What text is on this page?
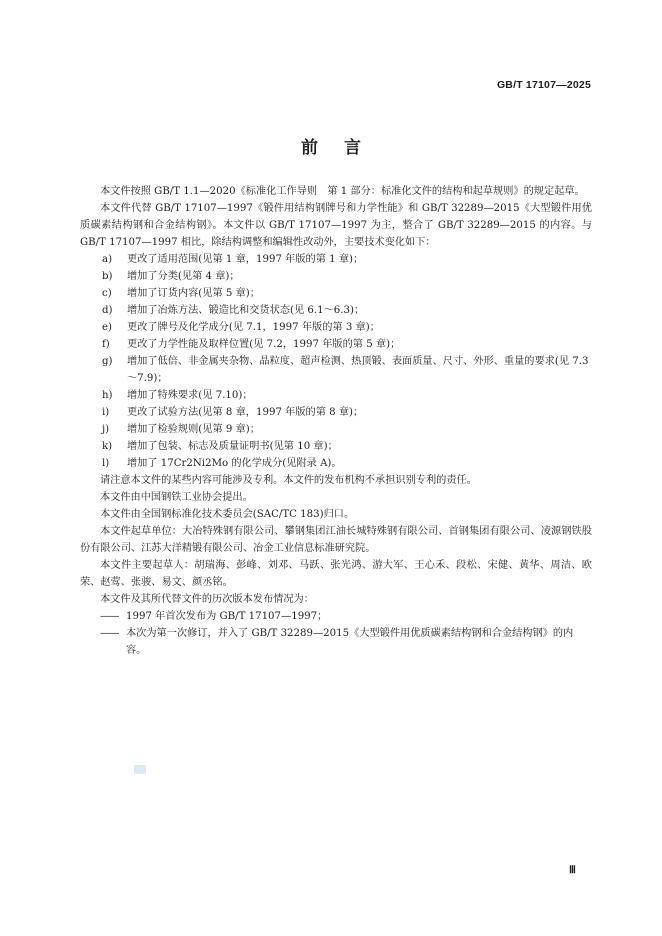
GB/T 17107—2025
前言

本文件按照 GB/T 1.1—2020《标准化工作导则　第 1 部分：标准化文件的结构和起草规则》的规定起草。

本文件代替 GB/T 17107—1997《锻件用结构钢牌号和力学性能》和 GB/T 32289—2015《大型锻件用优质碳素结构钢和合金结构钢》。本文件以 GB/T 17107—1997 为主，整合了 GB/T 32289—2015 的内容。与 GB/T 17107—1997 相比，除结构调整和编辑性改动外，主要技术变化如下：

a) 更改了适用范围(见第 1 章，1997 年版的第 1 章)；

b) 增加了分类(见第 4 章)；

c) 增加了订货内容(见第 5 章)；

d) 增加了冶炼方法、锻造比和交货状态(见 6.1～6.3)；

e) 更改了牌号及化学成分(见 7.1，1997 年版的第 3 章)；

f) 更改了力学性能及取样位置(见 7.2，1997 年版的第 5 章)；

g) 增加了低倍、非金属夹杂物、晶粒度、超声检测、热顶锻、表面质量、尺寸、外形、重量的要求(见 7.3～7.9)；

h) 增加了特殊要求(见 7.10)；

i) 更改了试验方法(见第 8 章，1997 年版的第 8 章)；

j) 增加了检验规则(见第 9 章)；

k) 增加了包装、标志及质量证明书(见第 10 章)；

l) 增加了 17Cr2Ni2Mo 的化学成分(见附录 A)。

请注意本文件的某些内容可能涉及专利。本文件的发布机构不承担识别专利的责任。

本文件由中国钢铁工业协会提出。

本文件由全国钢标准化技术委员会(SAC/TC 183)归口。

本文件起草单位：大冶特殊钢有限公司、攀钢集团江油长城特殊钢有限公司、首钢集团有限公司、凌源钢铁股份有限公司、江苏大洋精锻有限公司、冶金工业信息标准研究院。

本文件主要起草人：胡瑞海、彭峰、刘邓、马跃、张光鸿、游大军、王心禾、段松、宋健、黄华、周洁、欧荣、赵莺、张骏、易文、颜丞铭。

本文件及其所代替文件的历次版本发布情况为：

—— 1997 年首次发布为 GB/T 17107—1997；

—— 本次为第一次修订，并入了 GB/T 32289—2015《大型锻件用优质碳素结构钢和合金结构钢》的内容。

Ⅲ
